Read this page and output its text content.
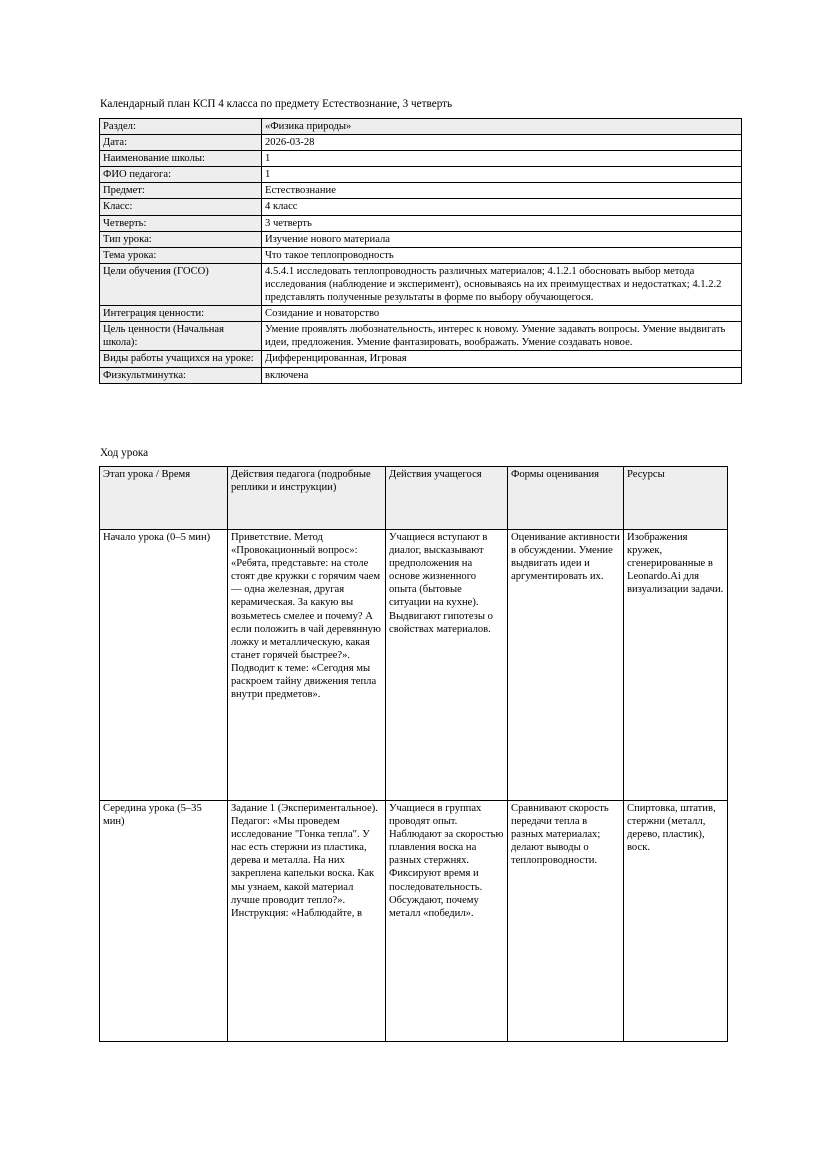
Календарный план КСП 4 класса по предмету Естествознание, 3 четверть
Раздел:	«Физика природы»
Дата:	2026-03-28
Наименование школы:	1
ФИО педагога:	1
Предмет:	Естествознание
Класс:	4 класс
Четверть:	3 четверть
Тип урока:	Изучение нового материала
Тема урока:	Что такое теплопроводность
Цели обучения (ГОСО)	4.5.4.1 исследовать теплопроводность различных материалов; 4.1.2.1 обосновать выбор метода исследования (наблюдение и эксперимент), основываясь на их преимуществах и недостатках; 4.1.2.2 представлять полученные результаты в форме по выбору обучающегося.
Интеграция ценности:	Созидание и новаторство
Цель ценности (Начальная школа):	Умение проявлять любознательность, интерес к новому. Умение задавать вопросы. Умение выдвигать идеи, предложения. Умение фантазировать, воображать. Умение создавать новое.
Виды работы учащихся на уроке:	Дифференцированная, Игровая
Физкультминутка:	включена
Ход урока
Этап урока / Время	Действия педагога (подробные реплики и инструкции)	Действия учащегося	Формы оценивания	Ресурсы
Начало урока (0–5 мин)	Приветствие. Метод «Провокационный вопрос»: «Ребята, представьте: на столе стоят две кружки с горячим чаем — одна железная, другая керамическая. За какую вы возьметесь смелее и почему? А если положить в чай деревянную ложку и металлическую, какая станет горячей быстрее?». Подводит к теме: «Сегодня мы раскроем тайну движения тепла внутри предметов».	Учащиеся вступают в диалог, высказывают предположения на основе жизненного опыта (бытовые ситуации на кухне). Выдвигают гипотезы о свойствах материалов.	Оценивание активности в обсуждении. Умение выдвигать идеи и аргументировать их.	Изображения кружек, сгенерированные в Leonardo.Ai для визуализации задачи.
Середина урока (5–35 мин)	Задание 1 (Экспериментальное). Педагог: «Мы проведем исследование "Гонка тепла". У нас есть стержни из пластика, дерева и металла. На них закреплена капельки воска. Как мы узнаем, какой материал лучше проводит тепло?». Инструкция: «Наблюдайте, в	Учащиеся в группах проводят опыт. Наблюдают за скоростью плавления воска на разных стержнях. Фиксируют время и последовательность. Обсуждают, почему металл «победил».	Сравнивают скорость передачи тепла в разных материалах; делают выводы о теплопроводности.	Спиртовка, штатив, стержни (металл, дерево, пластик), воск.
